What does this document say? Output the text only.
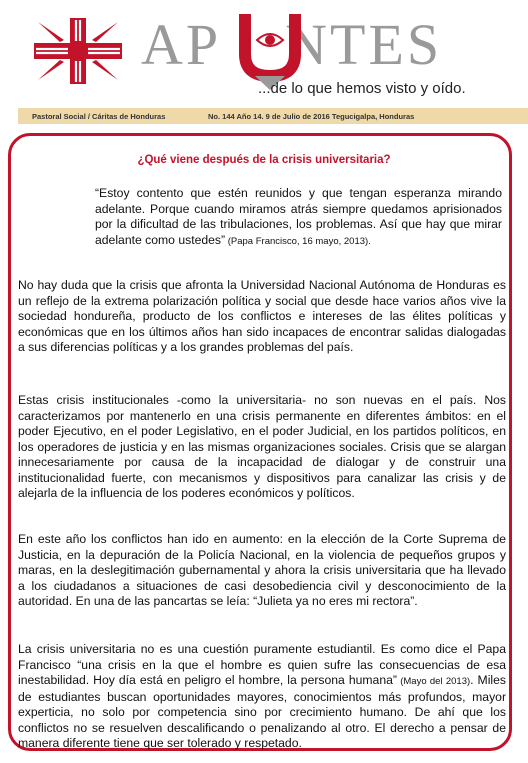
AP NTES
...de lo que hemos visto y oído.
Pastoral Social / Cáritas de Honduras	No. 144 Año 14. 9 de Julio de 2016 Tegucigalpa, Honduras
¿Qué viene después de la crisis universitaria?
“Estoy contento que estén reunidos y que tengan esperanza mirando adelante. Porque cuando miramos atrás siempre quedamos aprisionados por la dificultad de las tribulaciones, los problemas. Así que hay que mirar adelante como ustedes” (Papa Francisco, 16 mayo, 2013).

No hay duda que la crisis que afronta la Universidad Nacional Autónoma de Honduras es un reflejo de la extrema polarización política y social que desde hace varios años vive la sociedad hondureña, producto de los conflictos e intereses de las élites políticas y económicas que en los últimos años han sido incapaces de encontrar salidas dialogadas a sus diferencias políticas y a los grandes problemas del país.

Estas crisis institucionales -como la universitaria- no son nuevas en el país. Nos caracterizamos por mantenerlo en una crisis permanente en diferentes ámbitos: en el poder Ejecutivo, en el poder Legislativo, en el poder Judicial, en los partidos políticos, en los operadores de justicia y en las mismas organizaciones sociales. Crisis que se alargan innecesariamente por causa de la incapacidad de dialogar y de construir una institucionalidad fuerte, con mecanismos y dispositivos para canalizar las crisis y de alejarla de la influencia de los poderes económicos y políticos.

En este año los conflictos han ido en aumento: en la elección de la Corte Suprema de Justicia, en la depuración de la Policía Nacional, en la violencia de pequeños grupos y maras, en la deslegitimación gubernamental y ahora la crisis universitaria que ha llevado a los ciudadanos a situaciones de casi desobediencia civil y desconocimiento de la autoridad. En una de las pancartas se leía: “Julieta ya no eres mi rectora”.

La crisis universitaria no es una cuestión puramente estudiantil. Es como dice el Papa Francisco “una crisis en la que el hombre es quien sufre las consecuencias de esa inestabilidad. Hoy día está en peligro el hombre, la persona humana” (Mayo del 2013). Miles de estudiantes buscan oportunidades mayores, conocimientos más profundos, mayor experticia, no solo por competencia sino por crecimiento humano. De ahí que los conflictos no se resuelven descalificando o penalizando al otro. El derecho a pensar de manera diferente tiene que ser tolerado y respetado.
